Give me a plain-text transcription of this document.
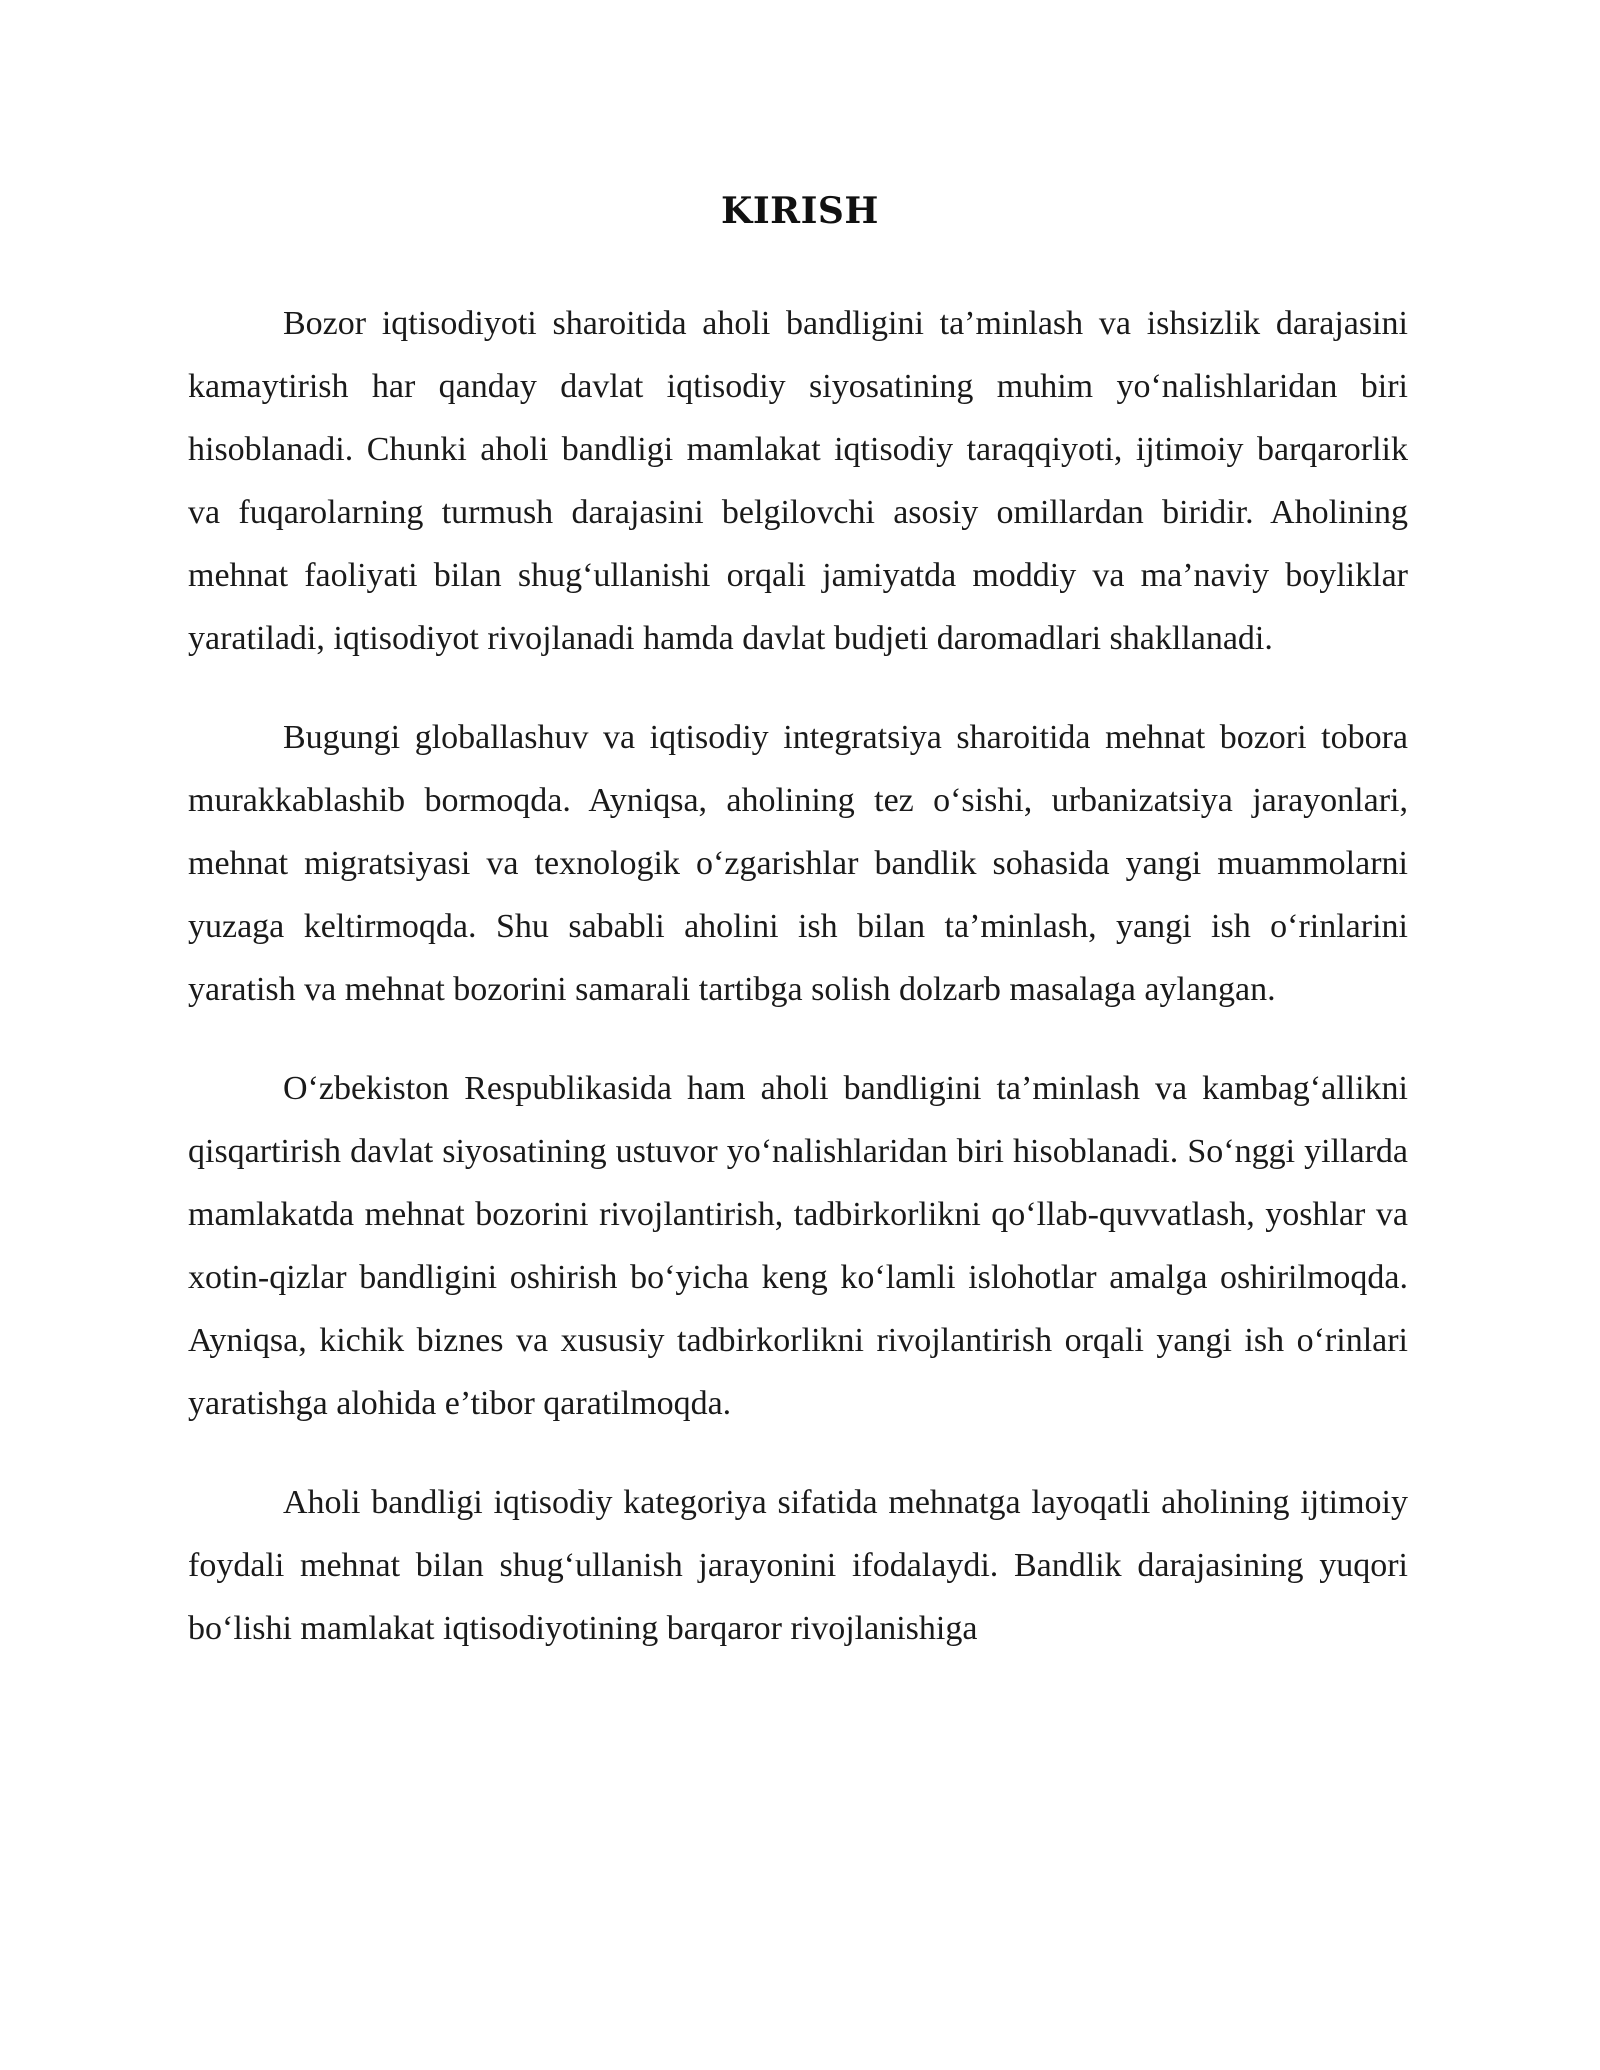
KIRISH

Bozor iqtisodiyoti sharoitida aholi bandligini ta’minlash va ishsizlik darajasini kamaytirish har qanday davlat iqtisodiy siyosatining muhim yo‘nalishlaridan biri hisoblanadi. Chunki aholi bandligi mamlakat iqtisodiy taraqqiyoti, ijtimoiy barqarorlik va fuqarolarning turmush darajasini belgilovchi asosiy omillardan biridir. Aholining mehnat faoliyati bilan shug‘ullanishi orqali jamiyatda moddiy va ma’naviy boyliklar yaratiladi, iqtisodiyot rivojlanadi hamda davlat budjeti daromadlari shakllanadi.

Bugungi globallashuv va iqtisodiy integratsiya sharoitida mehnat bozori tobora murakkablashib bormoqda. Ayniqsa, aholining tez o‘sishi, urbanizatsiya jarayonlari, mehnat migratsiyasi va texnologik o‘zgarishlar bandlik sohasida yangi muammolarni yuzaga keltirmoqda. Shu sababli aholini ish bilan ta’minlash, yangi ish o‘rinlarini yaratish va mehnat bozorini samarali tartibga solish dolzarb masalaga aylangan.

O‘zbekiston Respublikasida ham aholi bandligini ta’minlash va kambag‘allikni qisqartirish davlat siyosatining ustuvor yo‘nalishlaridan biri hisoblanadi. So‘nggi yillarda mamlakatda mehnat bozorini rivojlantirish, tadbirkorlikni qo‘llab-quvvatlash, yoshlar va xotin-qizlar bandligini oshirish bo‘yicha keng ko‘lamli islohotlar amalga oshirilmoqda. Ayniqsa, kichik biznes va xususiy tadbirkorlikni rivojlantirish orqali yangi ish o‘rinlari yaratishga alohida e’tibor qaratilmoqda.

Aholi bandligi iqtisodiy kategoriya sifatida mehnatga layoqatli aholining ijtimoiy foydali mehnat bilan shug‘ullanish jarayonini ifodalaydi. Bandlik darajasining yuqori bo‘lishi mamlakat iqtisodiyotining barqaror rivojlanishiga
